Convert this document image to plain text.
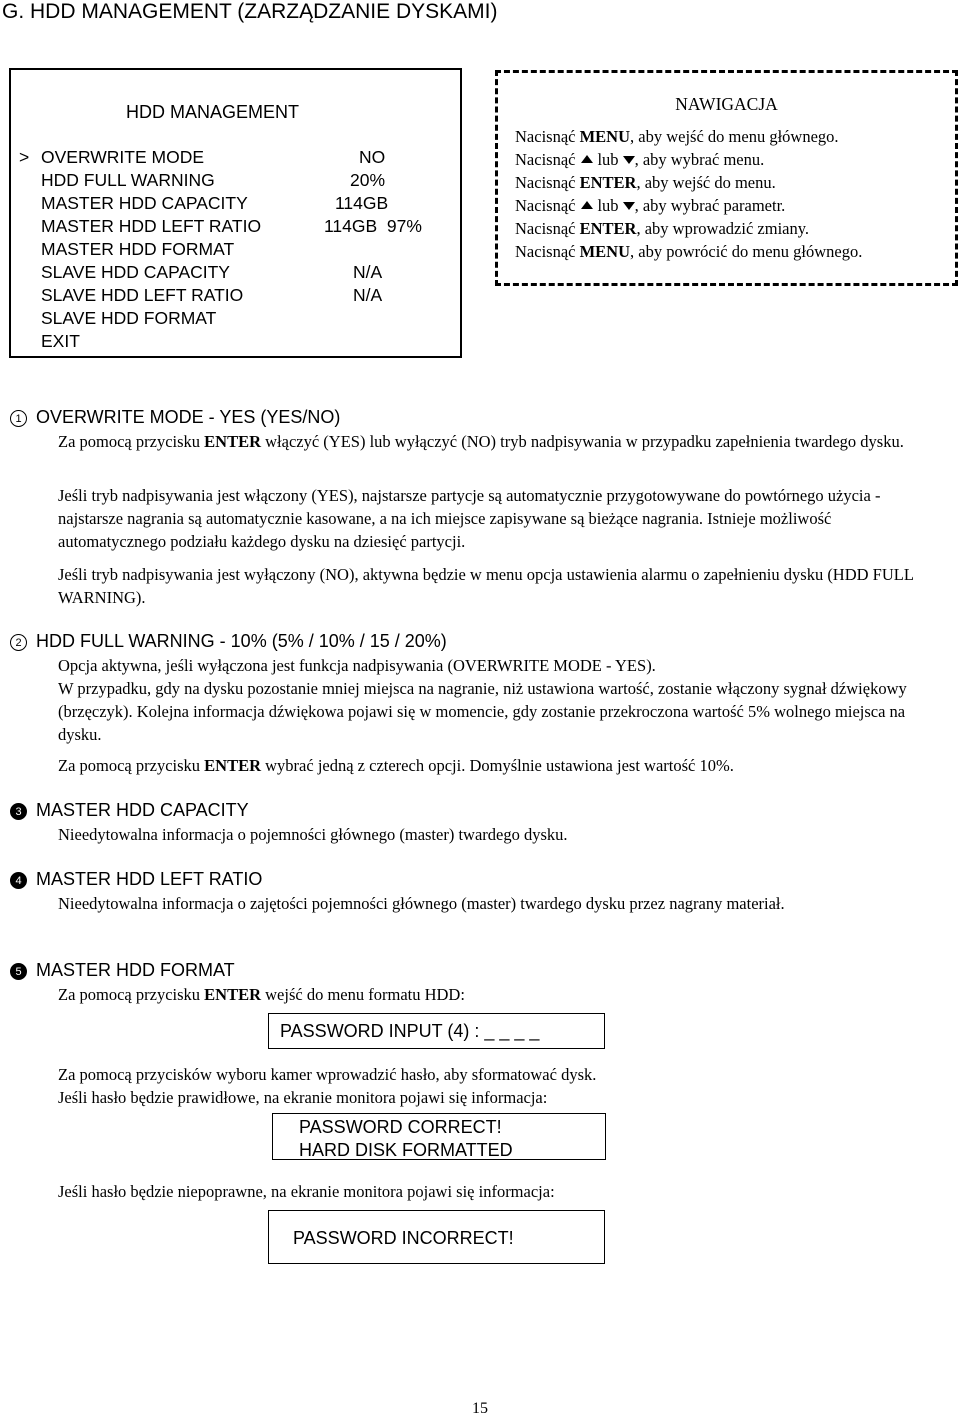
G. HDD MANAGEMENT (ZARZĄDZANIE DYSKAMI)
HDD MANAGEMENT
> OVERWRITE MODE	NO
HDD FULL WARNING	20%
MASTER HDD CAPACITY	114GB
MASTER HDD LEFT RATIO	114GB  97%
MASTER HDD FORMAT
SLAVE HDD CAPACITY	N/A
SLAVE HDD LEFT RATIO	N/A
SLAVE HDD FORMAT
EXIT
NAWIGACJA
Nacisnąć MENU, aby wejść do menu głównego.
Nacisnąć lub , aby wybrać menu.
Nacisnąć ENTER, aby wejść do menu.
Nacisnąć lub , aby wybrać parametr.
Nacisnąć ENTER, aby wprowadzić zmiany.
Nacisnąć MENU, aby powrócić do menu głównego.
1 OVERWRITE MODE - YES (YES/NO)

Za pomocą przycisku ENTER włączyć (YES) lub wyłączyć (NO) tryb nadpisywania w przypadku zapełnienia twardego dysku.

Jeśli tryb nadpisywania jest włączony (YES), najstarsze partycje są automatycznie przygotowywane do powtórnego użycia - najstarsze nagrania są automatycznie kasowane, a na ich miejsce zapisywane są bieżące nagrania. Istnieje możliwość automatycznego podziału każdego dysku na dziesięć partycji.

Jeśli tryb nadpisywania jest wyłączony (NO), aktywna będzie w menu opcja ustawienia alarmu o zapełnieniu dysku (HDD FULL WARNING).

2 HDD FULL WARNING - 10% (5% / 10% / 15 / 20%)

Opcja aktywna, jeśli wyłączona jest funkcja nadpisywania (OVERWRITE MODE - YES).

W przypadku, gdy na dysku pozostanie mniej miejsca na nagranie, niż ustawiona wartość, zostanie włączony sygnał dźwiękowy (brzęczyk). Kolejna informacja dźwiękowa pojawi się w momencie, gdy zostanie przekroczona wartość 5% wolnego miejsca na dysku.

Za pomocą przycisku ENTER wybrać jedną z czterech opcji. Domyślnie ustawiona jest wartość 10%.

3 MASTER HDD CAPACITY

Nieedytowalna informacja o pojemności głównego (master) twardego dysku.

4 MASTER HDD LEFT RATIO

Nieedytowalna informacja o zajętości pojemności głównego (master) twardego dysku przez nagrany materiał.

5 MASTER HDD FORMAT

Za pomocą przycisku ENTER wejść do menu formatu HDD:

PASSWORD INPUT (4) : _ _ _ _

Za pomocą przycisków wyboru kamer wprowadzić hasło, aby sformatować dysk.

Jeśli hasło będzie prawidłowe, na ekranie monitora pojawi się informacja:

PASSWORD CORRECT!
HARD DISK FORMATTED

Jeśli hasło będzie niepoprawne, na ekranie monitora pojawi się informacja:

PASSWORD INCORRECT!
15
